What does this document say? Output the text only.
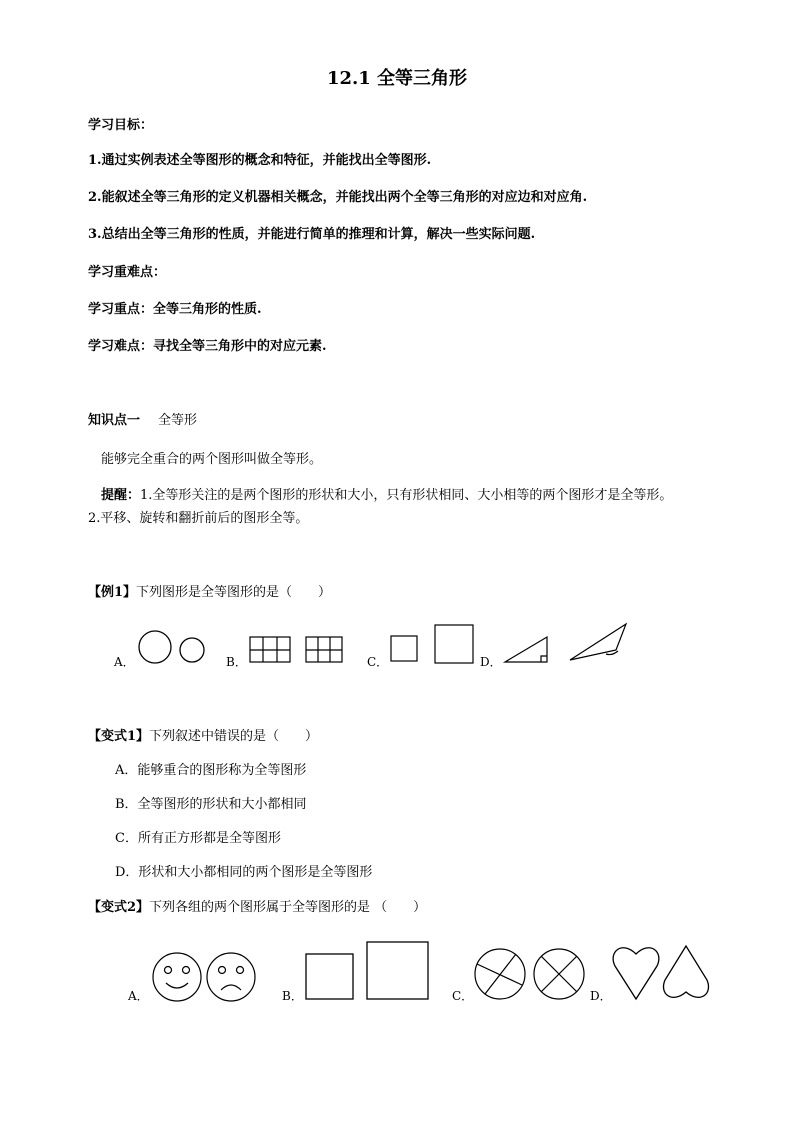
12.1 全等三角形
学习目标：
1.通过实例表述全等图形的概念和特征，并能找出全等图形.
2.能叙述全等三角形的定义机器相关概念，并能找出两个全等三角形的对应边和对应角.
3.总结出全等三角形的性质，并能进行简单的推理和计算，解决一些实际问题.
学习重难点：
学习重点：全等三角形的性质.
学习难点：寻找全等三角形中的对应元素.
知识点一 全等形
能够完全重合的两个图形叫做全等形。
提醒：1.全等形关注的是两个图形的形状和大小，只有形状相同、大小相等的两个图形才是全等形。
2.平移、旋转和翻折前后的图形全等。
【例1】下列图形是全等图形的是（　　）
A．	B．	C．	D．
【变式1】下列叙述中错误的是（　　）
A．能够重合的图形称为全等图形
B．全等图形的形状和大小都相同
C．所有正方形都是全等图形
D．形状和大小都相同的两个图形是全等图形
【变式2】下列各组的两个图形属于全等图形的是 （　　）
A．	B．	C．	D．
